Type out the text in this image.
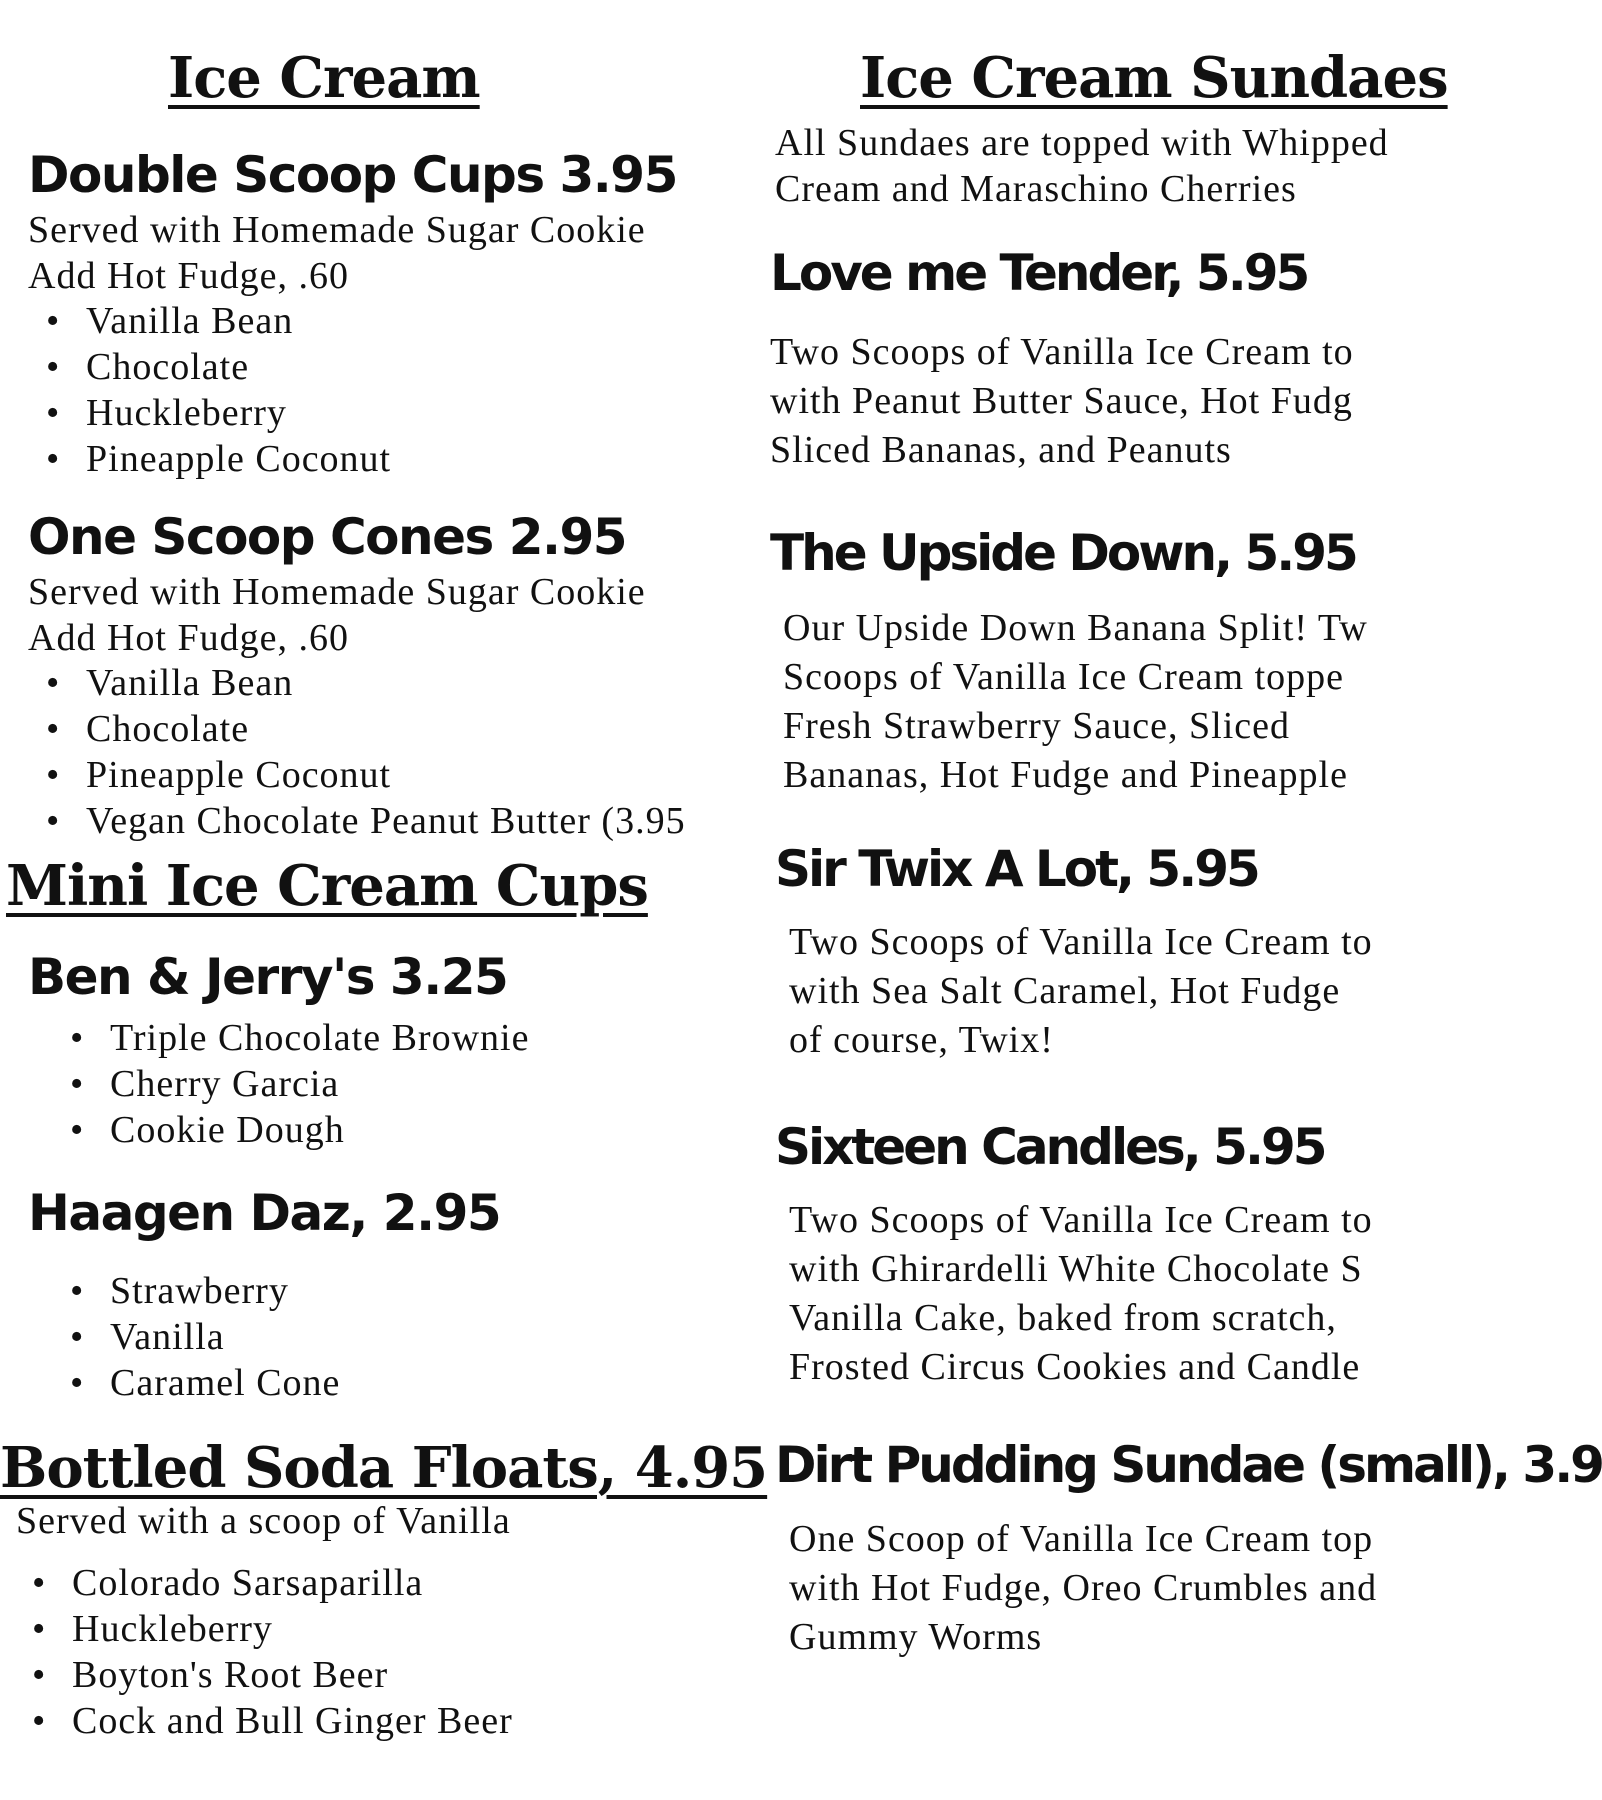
Ice Cream
Double Scoop Cups 3.95
Served with Homemade Sugar Cookie
Add Hot Fudge, .60
• Vanilla Bean
• Chocolate
• Huckleberry
• Pineapple Coconut
One Scoop Cones 2.95
Served with Homemade Sugar Cookie
Add Hot Fudge, .60
• Vanilla Bean
• Chocolate
• Pineapple Coconut
• Vegan Chocolate Peanut Butter (3.95
Mini Ice Cream Cups
Ben & Jerry's 3.25
• Triple Chocolate Brownie
• Cherry Garcia
• Cookie Dough
Haagen Daz, 2.95
• Strawberry
• Vanilla
• Caramel Cone
Bottled Soda Floats, 4.95
Served with a scoop of Vanilla
• Colorado Sarsaparilla
• Huckleberry
• Boyton's Root Beer
• Cock and Bull Ginger Beer
Ice Cream Sundaes
All Sundaes are topped with Whipped
Cream and Maraschino Cherries
Love me Tender, 5.95
Two Scoops of Vanilla Ice Cream to
with Peanut Butter Sauce, Hot Fudg
Sliced Bananas, and Peanuts
The Upside Down, 5.95
Our Upside Down Banana Split! Tw
Scoops of Vanilla Ice Cream toppe
Fresh Strawberry Sauce, Sliced
Bananas, Hot Fudge and Pineapple
Sir Twix A Lot, 5.95
Two Scoops of Vanilla Ice Cream to
with Sea Salt Caramel, Hot Fudge
of course, Twix!
Sixteen Candles, 5.95
Two Scoops of Vanilla Ice Cream to
with Ghirardelli White Chocolate S
Vanilla Cake, baked from scratch,
Frosted Circus Cookies and Candle
Dirt Pudding Sundae (small), 3.9
One Scoop of Vanilla Ice Cream top
with Hot Fudge, Oreo Crumbles and
Gummy Worms
